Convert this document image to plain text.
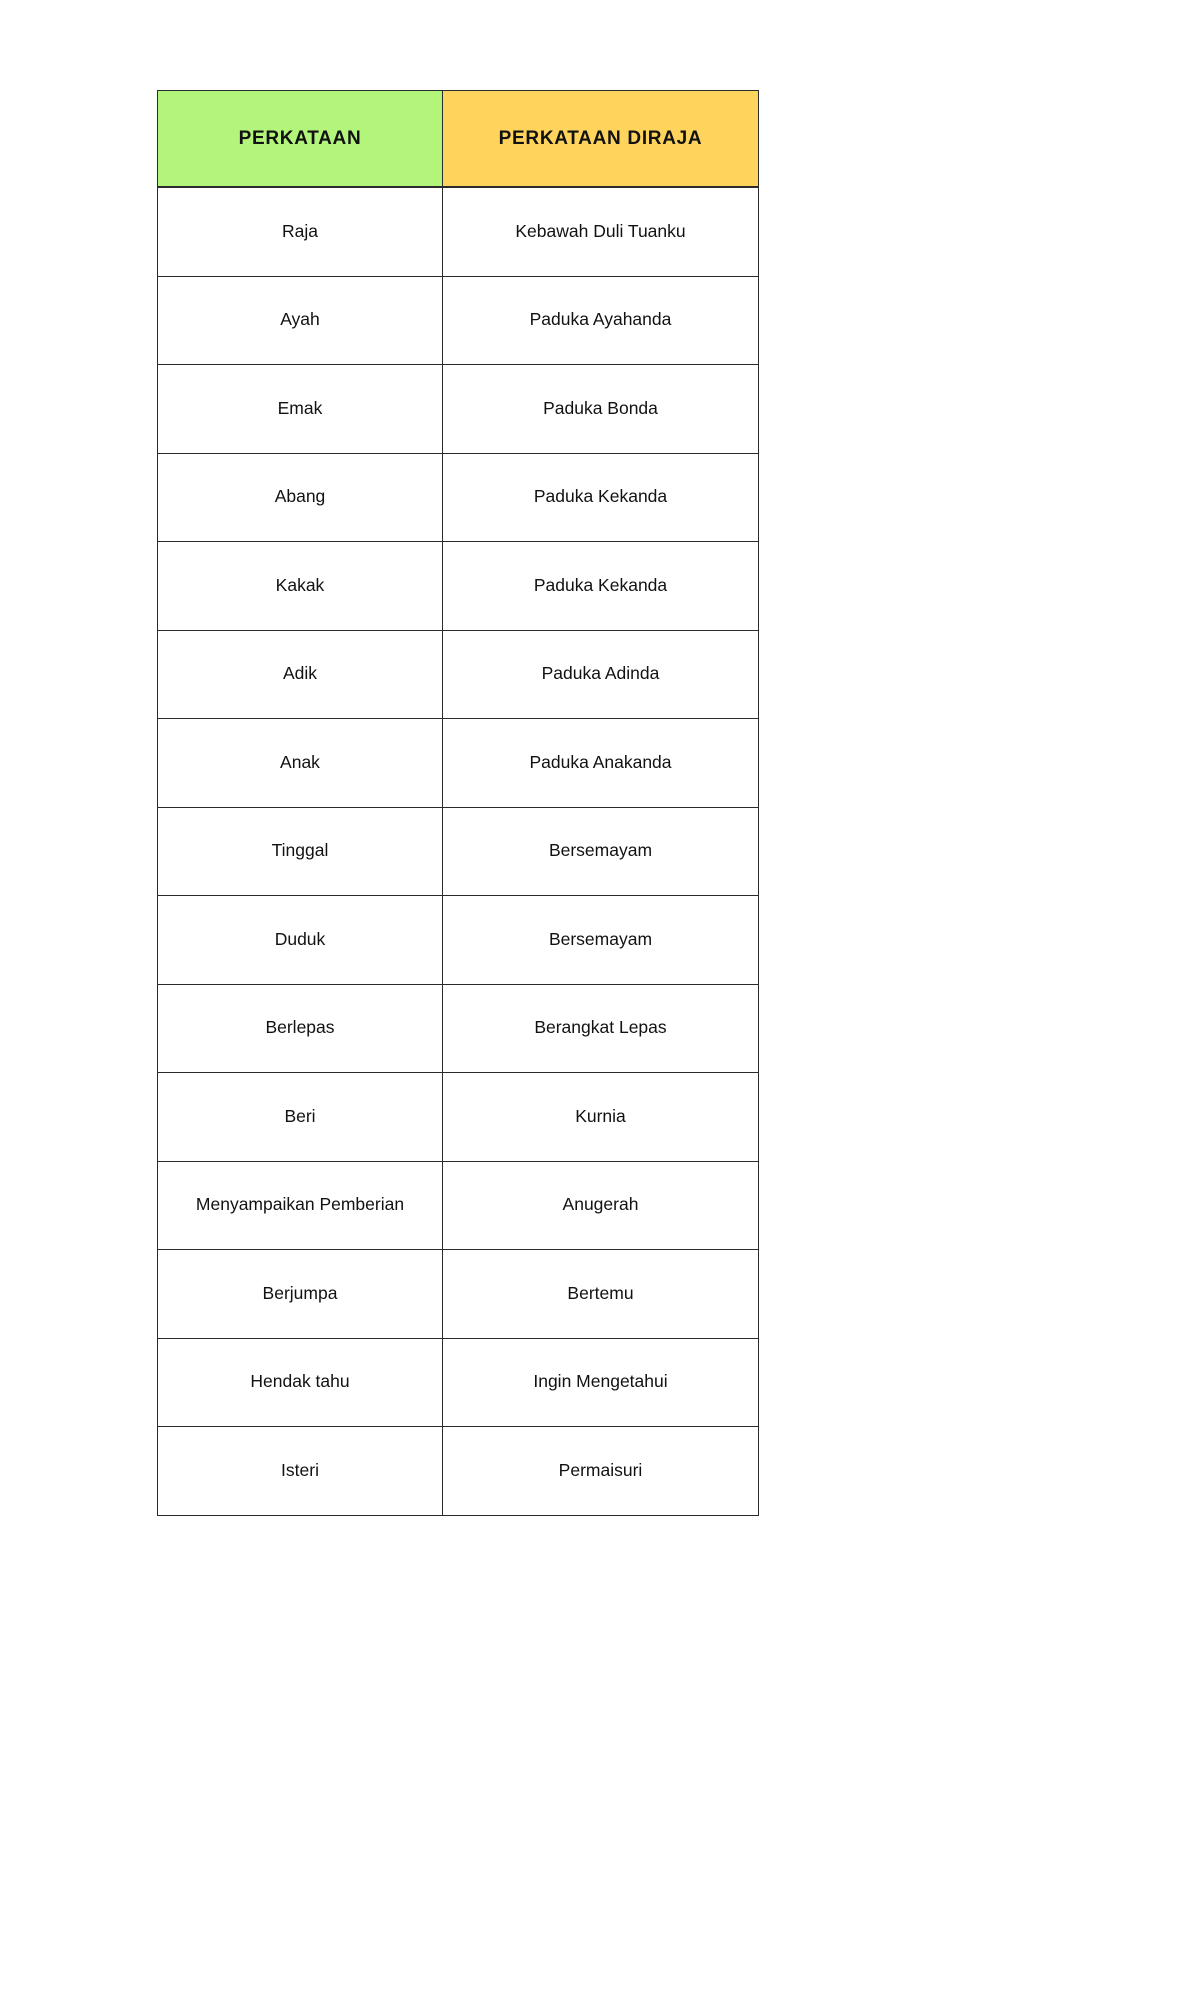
PERKATAAN	PERKATAAN DIRAJA
Raja	Kebawah Duli Tuanku
Ayah	Paduka Ayahanda
Emak	Paduka Bonda
Abang	Paduka Kekanda
Kakak	Paduka Kekanda
Adik	Paduka Adinda
Anak	Paduka Anakanda
Tinggal	Bersemayam
Duduk	Bersemayam
Berlepas	Berangkat Lepas
Beri	Kurnia
Menyampaikan Pemberian	Anugerah
Berjumpa	Bertemu
Hendak tahu	Ingin Mengetahui
Isteri	Permaisuri
